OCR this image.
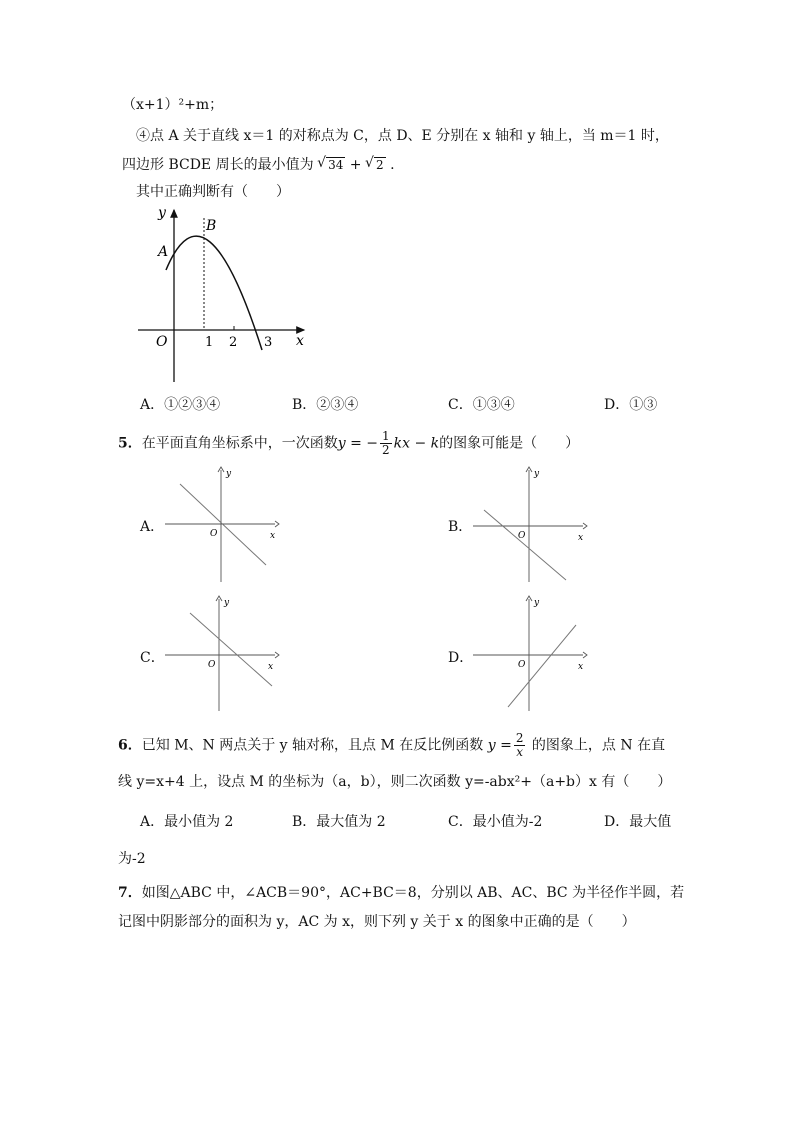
（x+1）²+m；
④点 A 关于直线 x＝1 的对称点为 C，点 D、E 分别在 x 轴和 y 轴上，当 m＝1 时，
四边形 BCDE 周长的最小值为 √ 34 + √ 2 .
其中正确判断有（　　）
y
x
O
A
B
1 2 3
A．①②③④	B．②③④	C．①③④	D．①③
5．在平面直角坐标系中，一次函数y = − $\frac{1}{2}$ kx − k的图象可能是（　　）
A．
y
x
O	B．
y
x
O
C．
y
x
O	D．
y
x
O
6．已知 M、N 两点关于 y 轴对称，且点 M 在反比例函数 $y = \frac{2}{x}$ 的图象上，点 N 在直
线 y=x+4 上，设点 M 的坐标为（a，b），则二次函数 y=-abx²+（a+b）x 有（　　）
A．最小值为 2	B．最大值为 2	C．最小值为-2	D．最大值
为-2
7．如图△ABC 中，∠ACB＝90°，AC+BC＝8，分别以 AB、AC、BC 为半径作半圆，若
记图中阴影部分的面积为 y，AC 为 x，则下列 y 关于 x 的图象中正确的是（　　）
